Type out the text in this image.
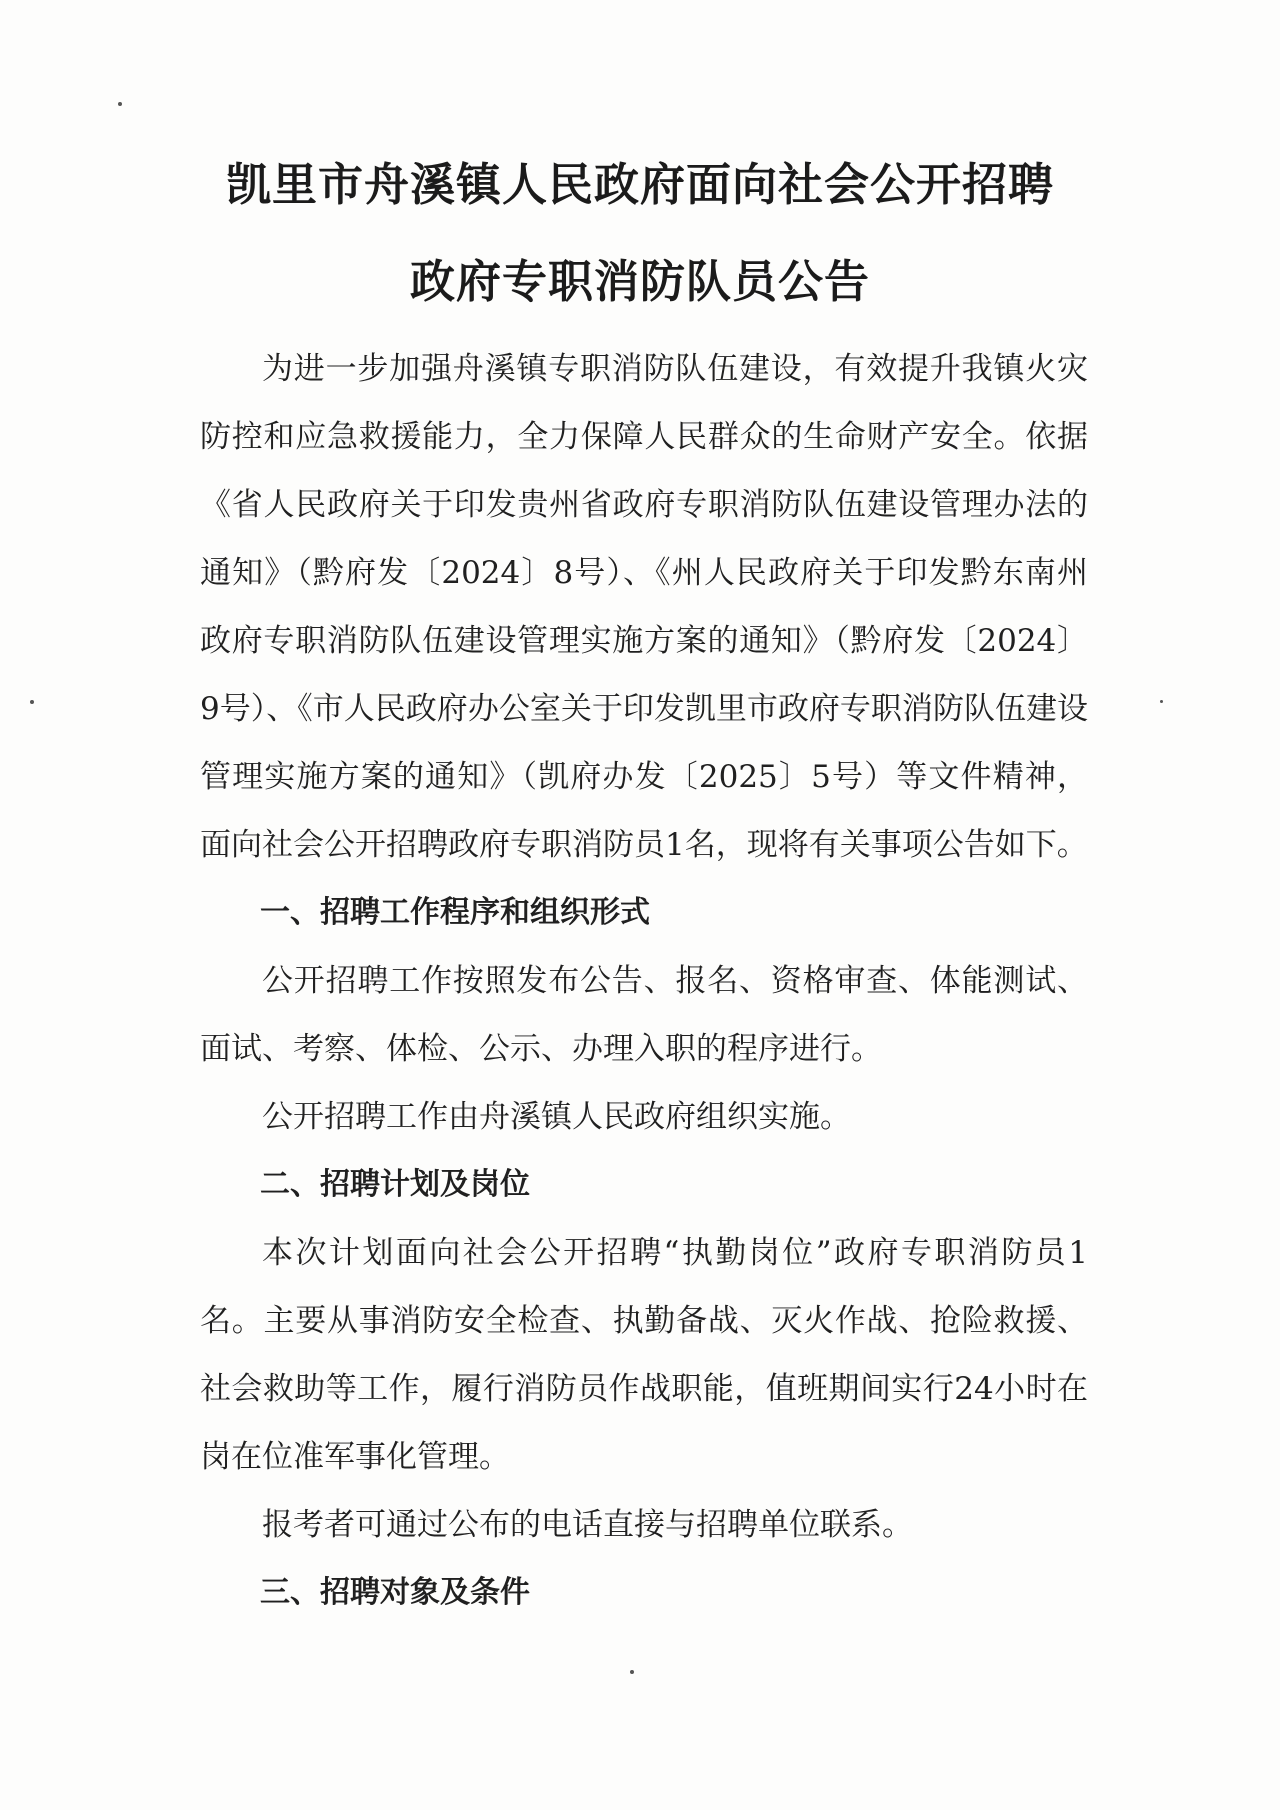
凯里市舟溪镇人民政府面向社会公开招聘
政府专职消防队员公告

为进一步加强舟溪镇专职消防队伍建设，有效提升我镇火灾防控和应急救援能力，全力保障人民群众的生命财产安全。依据《省人民政府关于印发贵州省政府专职消防队伍建设管理办法的通知》（黔府发〔2024〕8号）、《州人民政府关于印发黔东南州政府专职消防队伍建设管理实施方案的通知》（黔府发〔2024〕9号）、《市人民政府办公室关于印发凯里市政府专职消防队伍建设管理实施方案的通知》（凯府办发〔2025〕5号）等文件精神，面向社会公开招聘政府专职消防员1名，现将有关事项公告如下。

一、招聘工作程序和组织形式

公开招聘工作按照发布公告、报名、资格审查、体能测试、面试、考察、体检、公示、办理入职的程序进行。

公开招聘工作由舟溪镇人民政府组织实施。

二、招聘计划及岗位

本次计划面向社会公开招聘“执勤岗位”政府专职消防员1名。主要从事消防安全检查、执勤备战、灭火作战、抢险救援、社会救助等工作，履行消防员作战职能，值班期间实行24小时在岗在位准军事化管理。

报考者可通过公布的电话直接与招聘单位联系。

三、招聘对象及条件
